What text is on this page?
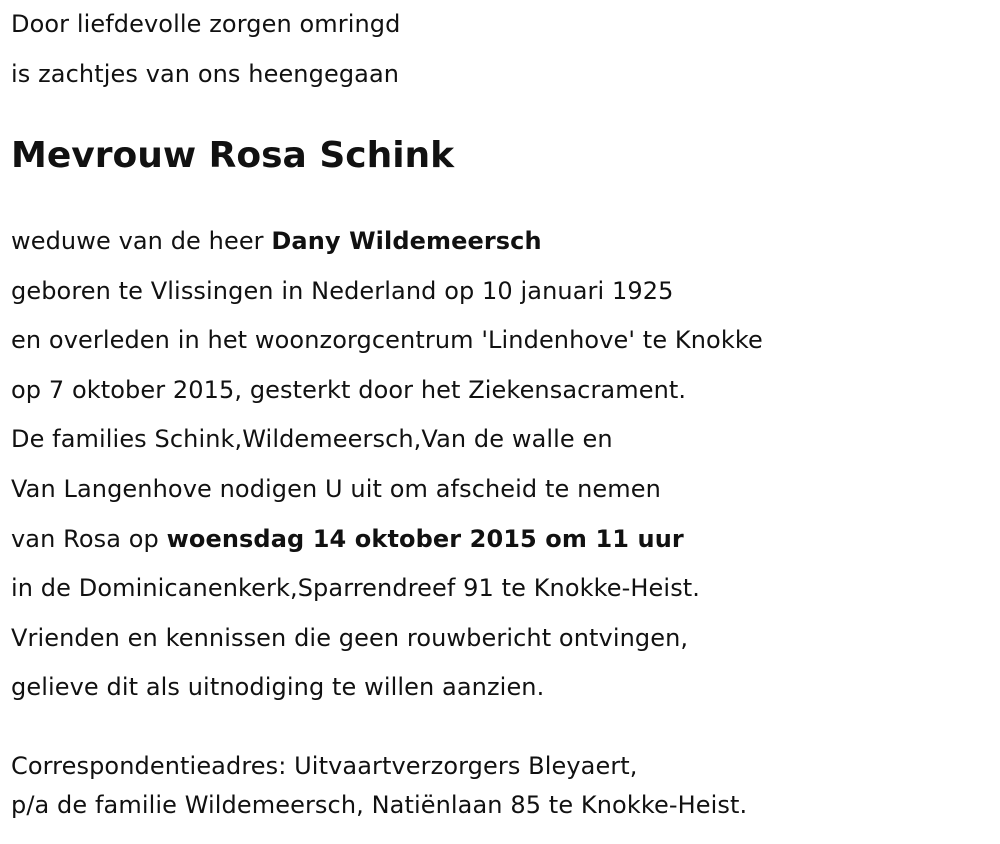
Door liefdevolle zorgen omringd
is zachtjes van ons heengegaan
Mevrouw Rosa Schink
weduwe van de heer Dany Wildemeersch
geboren te Vlissingen in Nederland op 10 januari 1925
en overleden in het woonzorgcentrum 'Lindenhove' te Knokke
op 7 oktober 2015, gesterkt door het Ziekensacrament.
De families Schink,Wildemeersch,Van de walle en
Van Langenhove nodigen U uit om afscheid te nemen
van Rosa op woensdag 14 oktober 2015 om 11 uur
in de Dominicanenkerk,Sparrendreef 91 te Knokke-Heist.
Vrienden en kennissen die geen rouwbericht ontvingen,
gelieve dit als uitnodiging te willen aanzien.
Correspondentieadres: Uitvaartverzorgers Bleyaert,
p/a de familie Wildemeersch, Natiënlaan 85 te Knokke-Heist.
